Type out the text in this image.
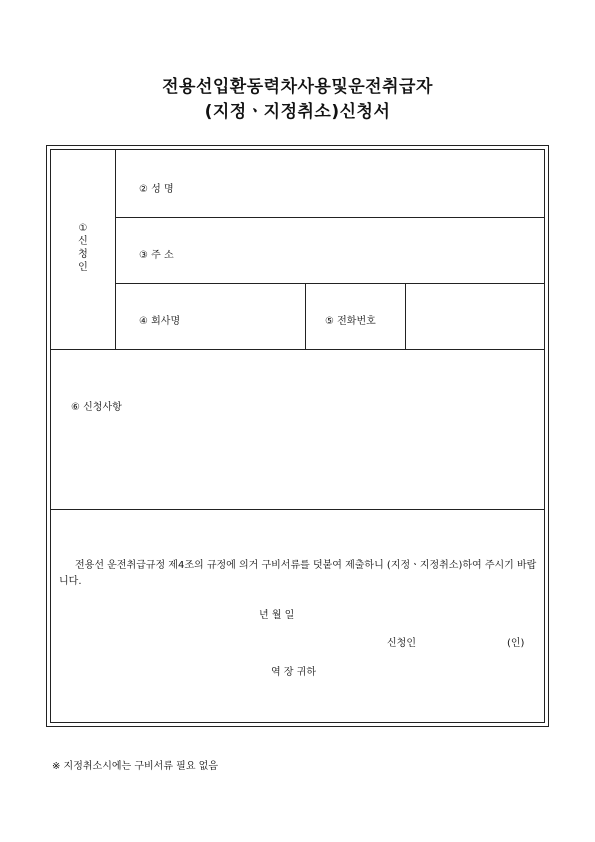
전용선입환동력차사용및운전취급자
(지정ㆍ지정취소)신청서
①
신
청
인
② 성 명
③ 주 소
④ 회사명	⑤ 전화번호
⑥ 신청사항
전용선 운전취급규정 제4조의 규정에 의거 구비서류를 덧붙여 제출하니 (지정ㆍ지정취소)하여 주시기 바랍니다.
년 월 일
신청인	(인)
역 장 귀하
※ 지정취소시에는 구비서류 필요 없음
